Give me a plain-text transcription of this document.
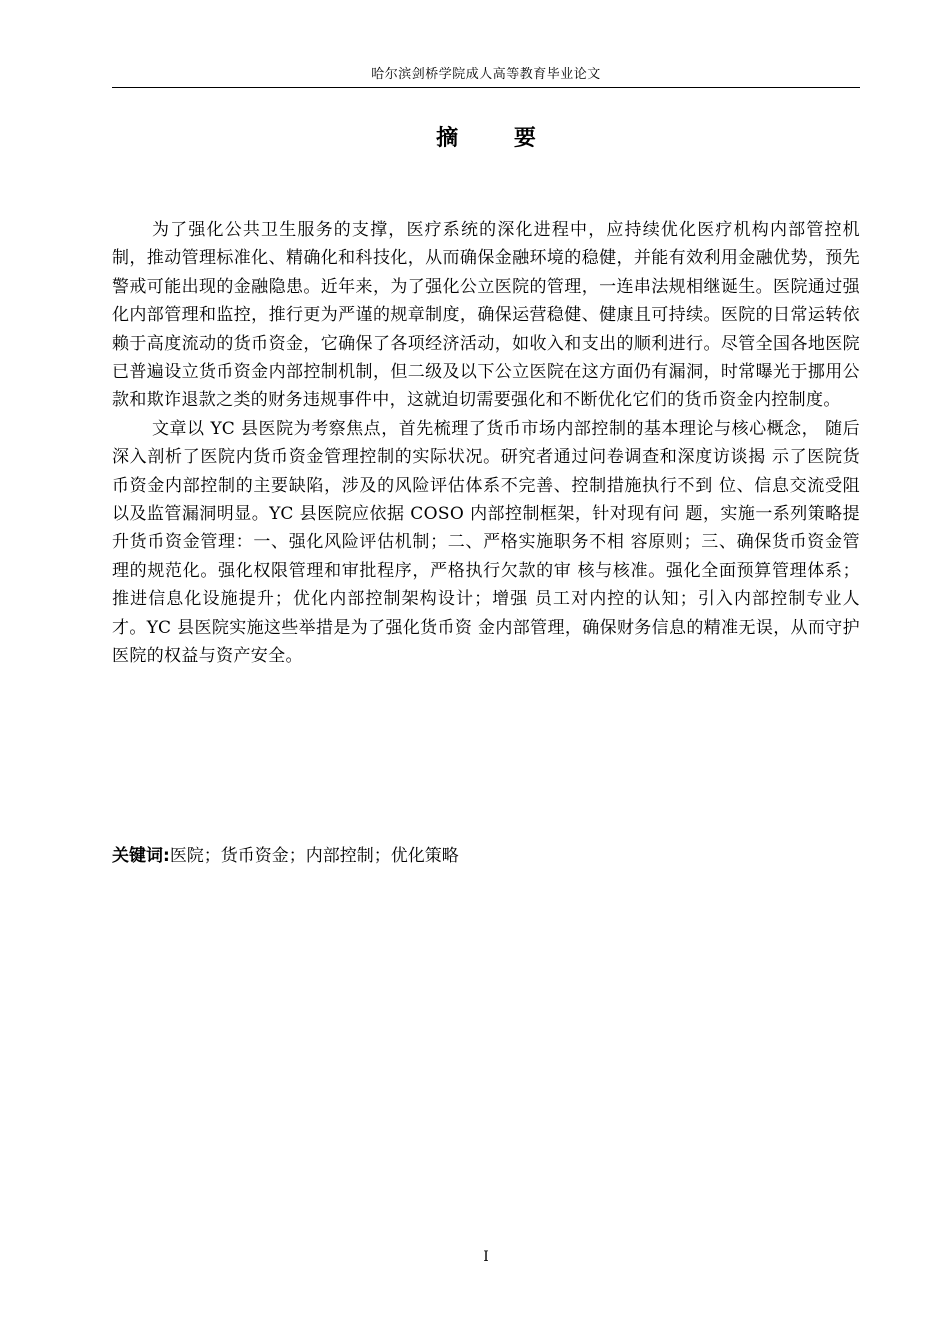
哈尔滨剑桥学院成人高等教育毕业论文
摘 要

为了强化公共卫生服务的支撑，医疗系统的深化进程中，应持续优化医疗机构内部管控机制，推动管理标准化、精确化和科技化，从而确保金融环境的稳健，并能有效利用金融优势，预先警戒可能出现的金融隐患。近年来，为了强化公立医院的管理，一连串法规相继诞生。医院通过强化内部管理和监控，推行更为严谨的规章制度，确保运营稳健、健康且可持续。医院的日常运转依赖于高度流动的货币资金，它确保了各项经济活动，如收入和支出的顺利进行。尽管全国各地医院已普遍设立货币资金内部控制机制，但二级及以下公立医院在这方面仍有漏洞，时常曝光于挪用公款和欺诈退款之类的财务违规事件中，这就迫切需要强化和不断优化它们的货币资金内控制度。

文章以 YC 县医院为考察焦点，首先梳理了货币市场内部控制的基本理论与核心概念， 随后深入剖析了医院内货币资金管理控制的实际状况。研究者通过问卷调查和深度访谈揭 示了医院货币资金内部控制的主要缺陷，涉及的风险评估体系不完善、控制措施执行不到 位、信息交流受阻以及监管漏洞明显。YC 县医院应依据 COSO 内部控制框架，针对现有问 题，实施一系列策略提升货币资金管理：一、强化风险评估机制；二、严格实施职务不相 容原则；三、确保货币资金管理的规范化。强化权限管理和审批程序，严格执行欠款的审 核与核准。强化全面预算管理体系；推进信息化设施提升；优化内部控制架构设计；增强 员工对内控的认知；引入内部控制专业人才。YC 县医院实施这些举措是为了强化货币资 金内部管理，确保财务信息的精准无误，从而守护医院的权益与资产安全。

关键词:医院；货币资金；内部控制；优化策略
I
